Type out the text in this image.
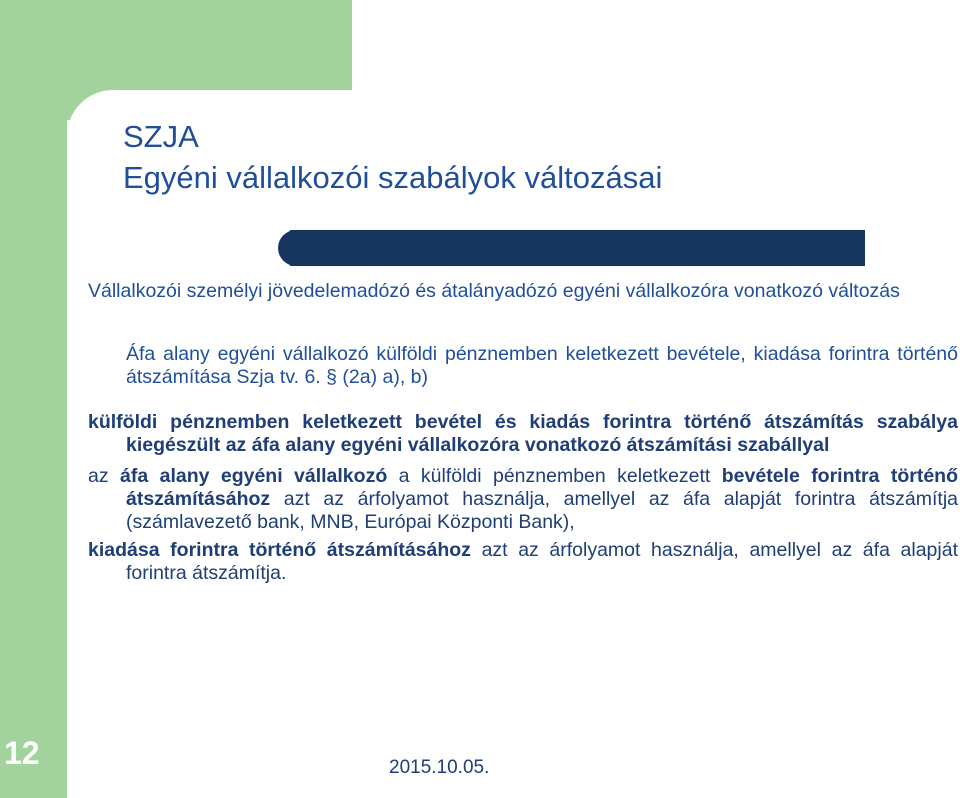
SZJA
Egyéni vállalkozói szabályok változásai
Vállalkozói személyi jövedelemadózó és átalányadózó egyéni vállalkozóra vonatkozó változás
Áfa alany egyéni vállalkozó külföldi pénznemben keletkezett bevétele, kiadása forintra történő átszámítása Szja tv. 6. § (2a) a), b)
külföldi pénznemben keletkezett bevétel és kiadás forintra történő átszámítás szabálya kiegészült az áfa alany egyéni vállalkozóra vonatkozó átszámítási szabállyal
az áfa alany egyéni vállalkozó a külföldi pénznemben keletkezett bevétele forintra történő átszámításához azt az árfolyamot használja, amellyel az áfa alapját forintra átszámítja (számlavezető bank, MNB, Európai Központi Bank),
kiadása forintra történő átszámításához azt az árfolyamot használja, amellyel az áfa alapját forintra átszámítja.
12	2015.10.05.
